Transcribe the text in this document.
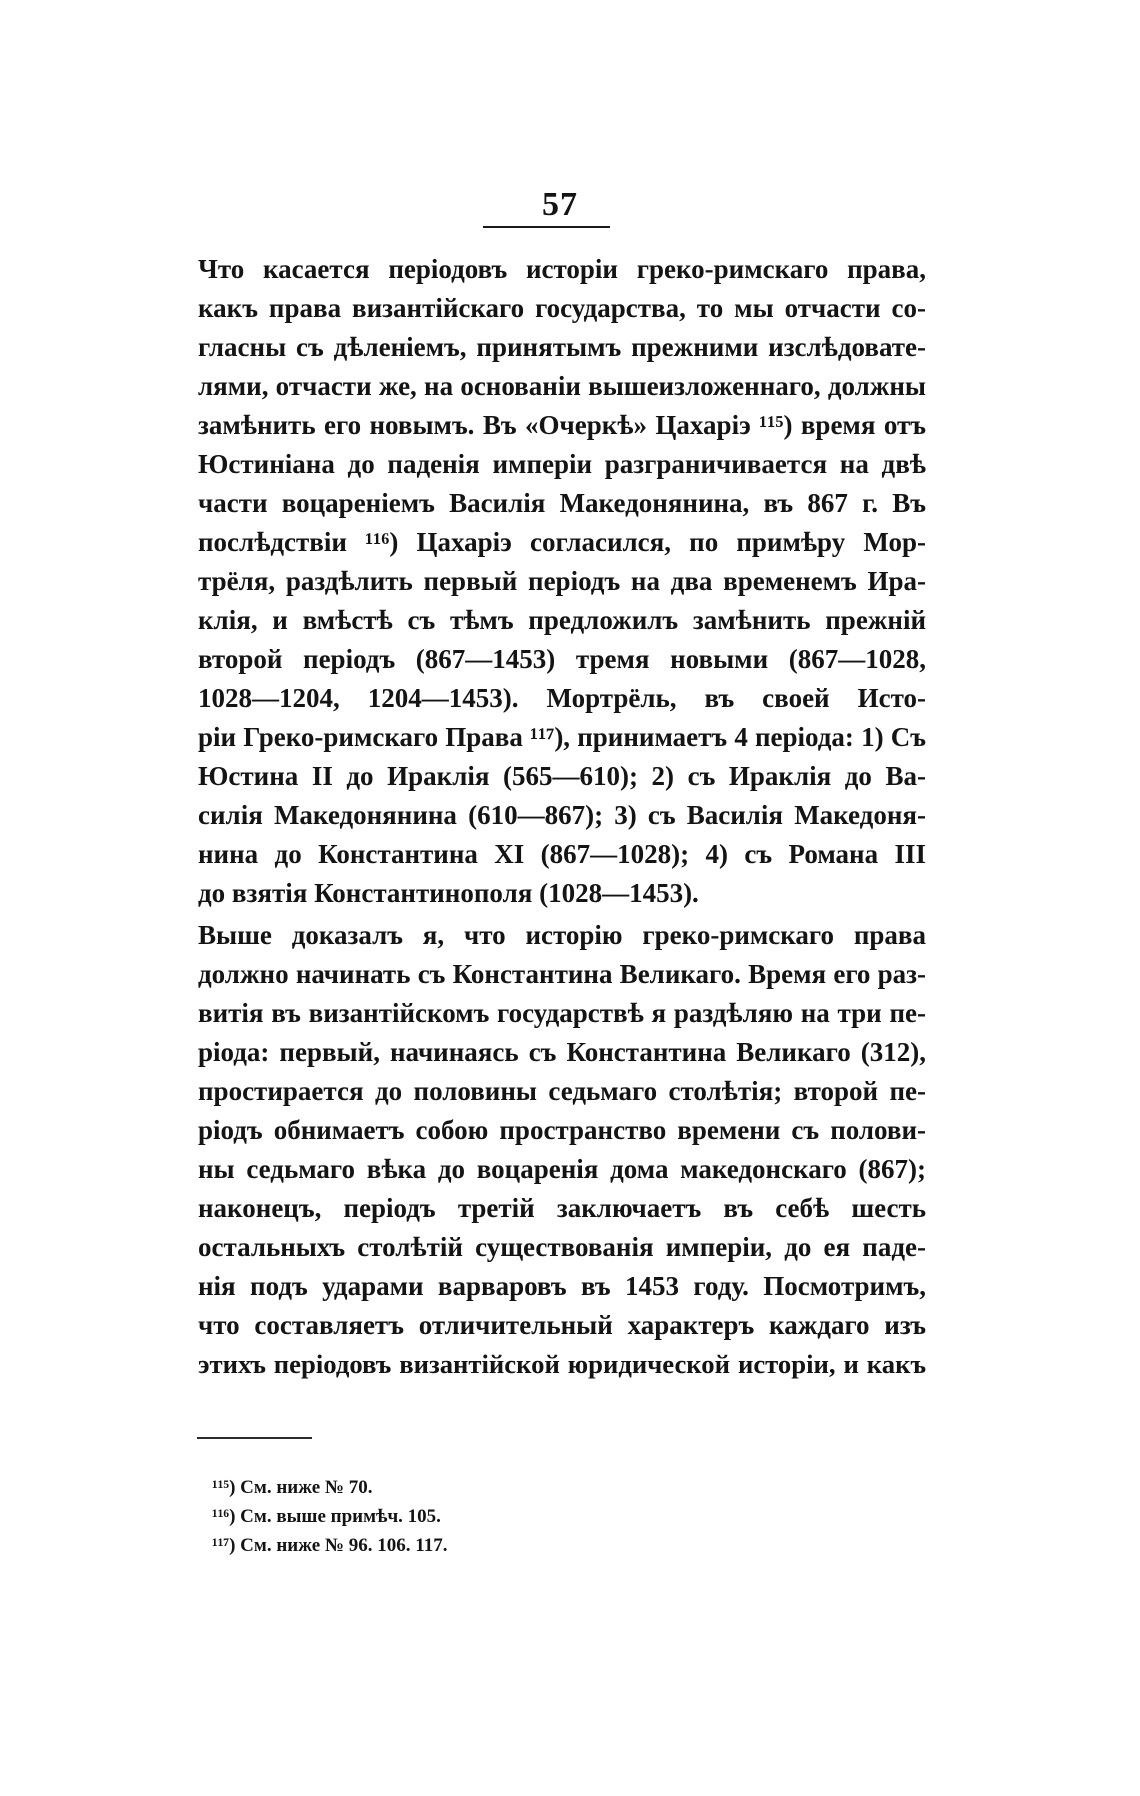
57
Что касается періодовъ исторіи греко-римскаго права,
какъ права византійскаго государства, то мы отчасти со-
гласны съ дѣленіемъ, принятымъ прежними изслѣдовате-
лями, отчасти же, на основаніи вышеизложеннаго, должны
замѣнить его новымъ. Въ «Очеркѣ» Цахаріэ ¹¹⁵) время отъ
Юстиніана до паденія имперіи разграничивается на двѣ
части воцареніемъ Василія Македонянина, въ 867 г. Въ
послѣдствіи ¹¹⁶) Цахаріэ согласился, по примѣру Мор-
трёля, раздѣлить первый періодъ на два временемъ Ира-
клія, и вмѣстѣ съ тѣмъ предложилъ замѣнить прежній
второй періодъ (867—1453) тремя новыми (867—1028,
1028—1204, 1204—1453). Мортрёль, въ своей Исто-
ріи Греко-римскаго Права ¹¹⁷), принимаетъ 4 періода: 1) Съ
Юстина II до Ираклія (565—610); 2) съ Ираклія до Ва-
силія Македонянина (610—867); 3) съ Василія Македоня-
нина до Константина XI (867—1028); 4) съ Романа III
до взятія Константинополя (1028—1453).
Выше доказалъ я, что исторію греко-римскаго права
должно начинать съ Константина Великаго. Время его раз-
витія въ византійскомъ государствѣ я раздѣляю на три пе-
ріода: первый, начинаясь съ Константина Великаго (312),
простирается до половины седьмаго столѣтія; второй пе-
ріодъ обнимаетъ собою пространство времени съ полови-
ны седьмаго вѣка до воцаренія дома македонскаго (867);
наконецъ, періодъ третій заключаетъ въ себѣ шесть
остальныхъ столѣтій существованія имперіи, до ея паде-
нія подъ ударами варваровъ въ 1453 году. Посмотримъ,
что составляетъ отличительный характеръ каждаго изъ
этихъ періодовъ византійской юридической исторіи, и какъ
¹¹⁵) См. ниже № 70.
¹¹⁶) См. выше примѣч. 105.
¹¹⁷) См. ниже № 96. 106. 117.
